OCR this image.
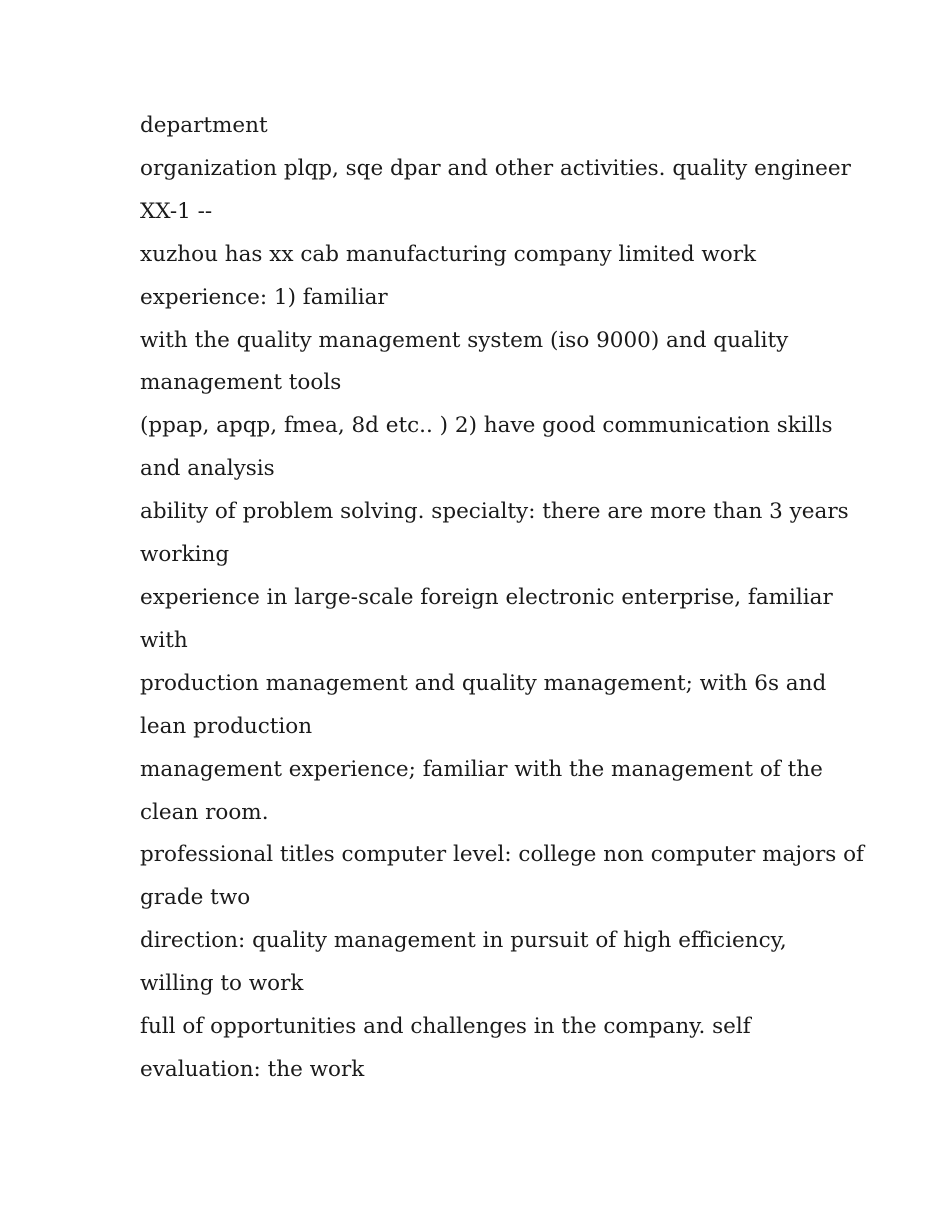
department

organization plqp, sqe dpar and other activities. quality engineer

XX-1 --

xuzhou has xx cab manufacturing company limited work

experience: 1) familiar

with the quality management system (iso 9000) and quality

management tools

(ppap, apqp, fmea, 8d etc.. ) 2) have good communication skills

and analysis

ability of problem solving. specialty: there are more than 3 years

working

experience in large-scale foreign electronic enterprise, familiar

with

production management and quality management; with 6s and

lean production

management experience; familiar with the management of the

clean room.

professional titles computer level: college non computer majors of

grade two

direction: quality management in pursuit of high efficiency,

willing to work

full of opportunities and challenges in the company. self

evaluation: the work
